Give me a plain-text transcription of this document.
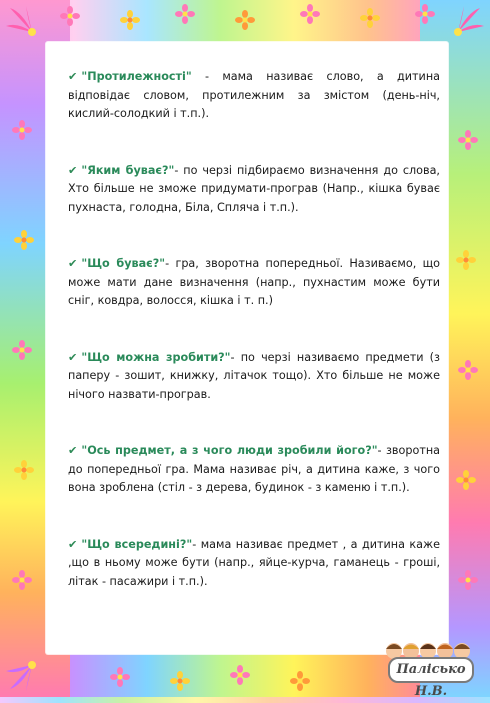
✔ "Протилежності" - мама називає слово, а дитина відповідає словом, протилежним за змістом (день-ніч, кислий-солодкий і т.п.).

✔ "Яким буває?"- по черзі підбираємо визначення до слова, Хто більше не зможе придумати-програв (Напр., кішка буває пухнаста, голодна, Біла, Спляча і т.п.).

✔ "Що буває?"- гра, зворотна попередньої. Називаємо, що може мати дане визначення (напр., пухнастим може бути сніг, ковдра, волосся, кішка і т. п.)

✔ "Що можна зробити?"- по черзі називаємо предмети (з паперу - зошит, книжку, літачок тощо). Хто більше не може нічого назвати-програв.

✔ "Ось предмет, а з чого люди зробили його?"- зворотна до попередньої гра. Мама називає річ, а дитина каже, з чого вона зроблена (стіл - з дерева, будинок - з каменю і т.п.).

✔ "Що всередині?"- мама називає предмет , а дитина каже ,що в ньому може бути (напр., яйце-курча, гаманець - гроші, літак - пасажири і т.п.).

Палісько Н.В.
